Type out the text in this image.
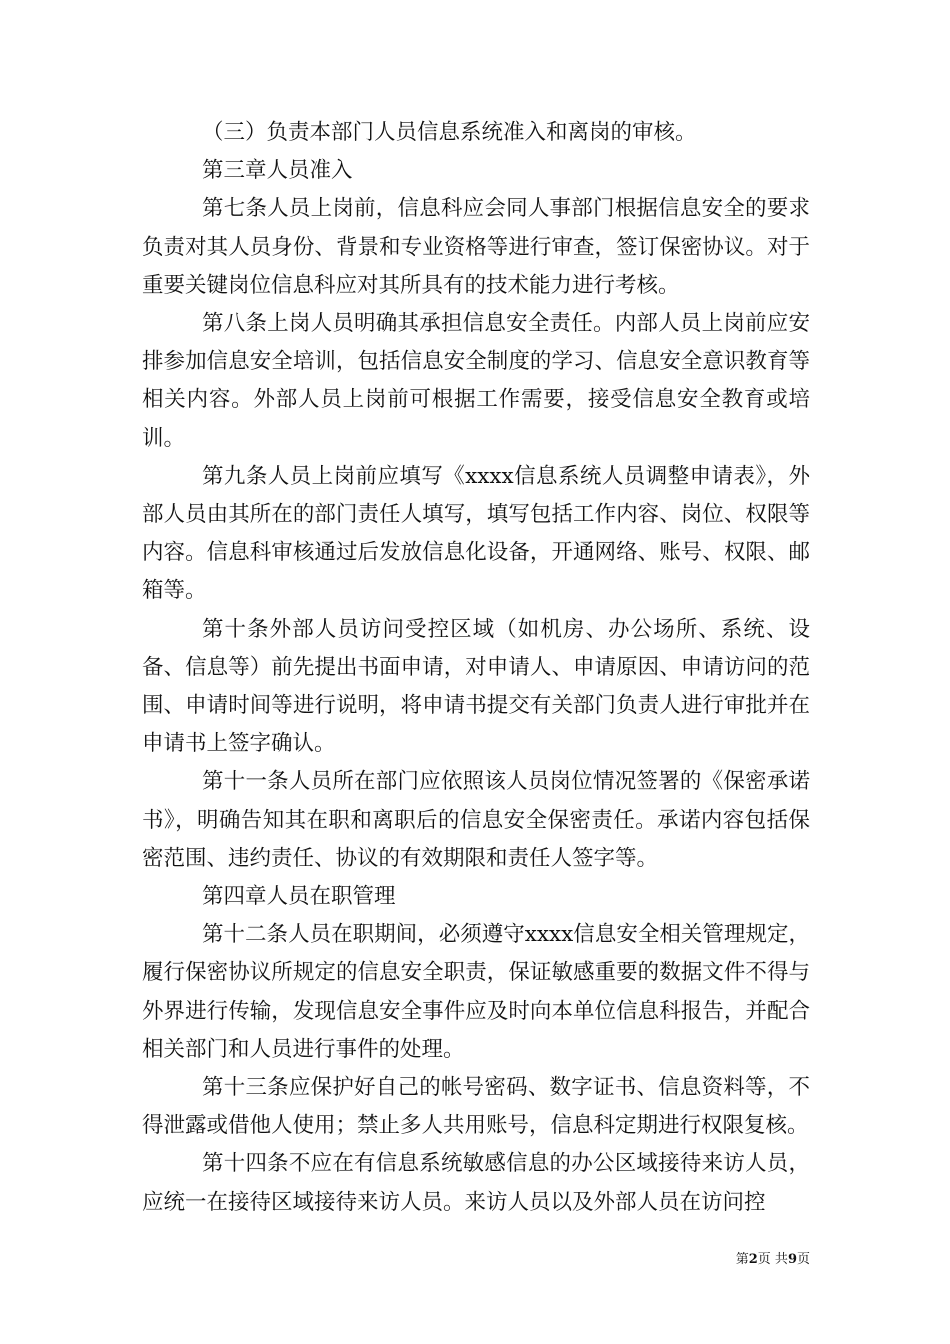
（三）负责本部门人员信息系统准入和离岗的审核。

第三章人员准入

第七条人员上岗前，信息科应会同人事部门根据信息安全的要求负责对其人员身份、背景和专业资格等进行审查，签订保密协议。对于重要关键岗位信息科应对其所具有的技术能力进行考核。

第八条上岗人员明确其承担信息安全责任。内部人员上岗前应安排参加信息安全培训，包括信息安全制度的学习、信息安全意识教育等相关内容。外部人员上岗前可根据工作需要，接受信息安全教育或培训。

第九条人员上岗前应填写《xxxx信息系统人员调整申请表》，外部人员由其所在的部门责任人填写，填写包括工作内容、岗位、权限等内容。信息科审核通过后发放信息化设备，开通网络、账号、权限、邮箱等。

第十条外部人员访问受控区域（如机房、办公场所、系统、设备、信息等）前先提出书面申请，对申请人、申请原因、申请访问的范围、申请时间等进行说明，将申请书提交有关部门负责人进行审批并在申请书上签字确认。

第十一条人员所在部门应依照该人员岗位情况签署的《保密承诺书》，明确告知其在职和离职后的信息安全保密责任。承诺内容包括保密范围、违约责任、协议的有效期限和责任人签字等。

第四章人员在职管理

第十二条人员在职期间，必须遵守xxxx信息安全相关管理规定，履行保密协议所规定的信息安全职责，保证敏感重要的数据文件不得与外界进行传输，发现信息安全事件应及时向本单位信息科报告，并配合相关部门和人员进行事件的处理。

第十三条应保护好自己的帐号密码、数字证书、信息资料等，不得泄露或借他人使用；禁止多人共用账号，信息科定期进行权限复核。

第十四条不应在有信息系统敏感信息的办公区域接待来访人员，应统一在接待区域接待来访人员。来访人员以及外部人员在访问控

第2页 共9页
